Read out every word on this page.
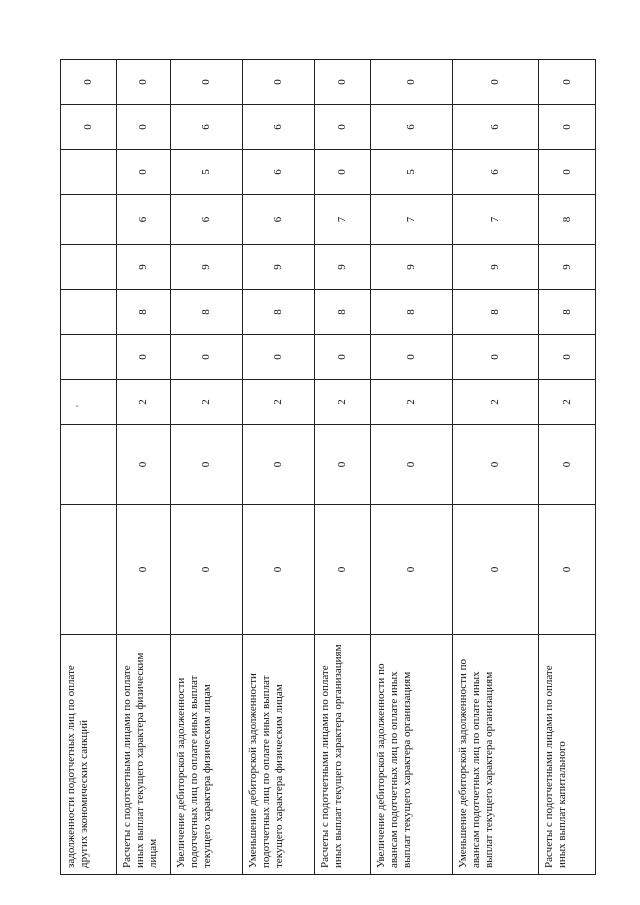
задолженности подотчетных лиц по оплате других экономических санкций									0	0
Расчеты с подотчетными лицами по оплате иных выплат текущего характера физическим лицам	0	0	2	0	8	9	6	0	0	0
Увеличение дебиторской задолженности подотчетных лиц по оплате иных выплат текущего характера физическим лицам	0	0	2	0	8	9	6	5	6	0
Уменьшение дебиторской задолженности подотчетных лиц по оплате иных выплат текущего характера физическим лицам	0	0	2	0	8	9	6	6	6	0
Расчеты с подотчетными лицами по оплате иных выплат текущего характера организациям	0	0	2	0	8	9	7	0	0	0
Увеличение дебиторской задолженности по авансам подотчетных лиц по оплате иных выплат текущего характера организациям	0	0	2	0	8	9	7	5	6	0
Уменьшение дебиторской задолженности по авансам подотчетных лиц по оплате иных выплат текущего характера организациям	0	0	2	0	8	9	7	6	6	0
Расчеты с подотчетными лицами по оплате иных выплат капитального	0	0	2	0	8	9	8	0	0	0
